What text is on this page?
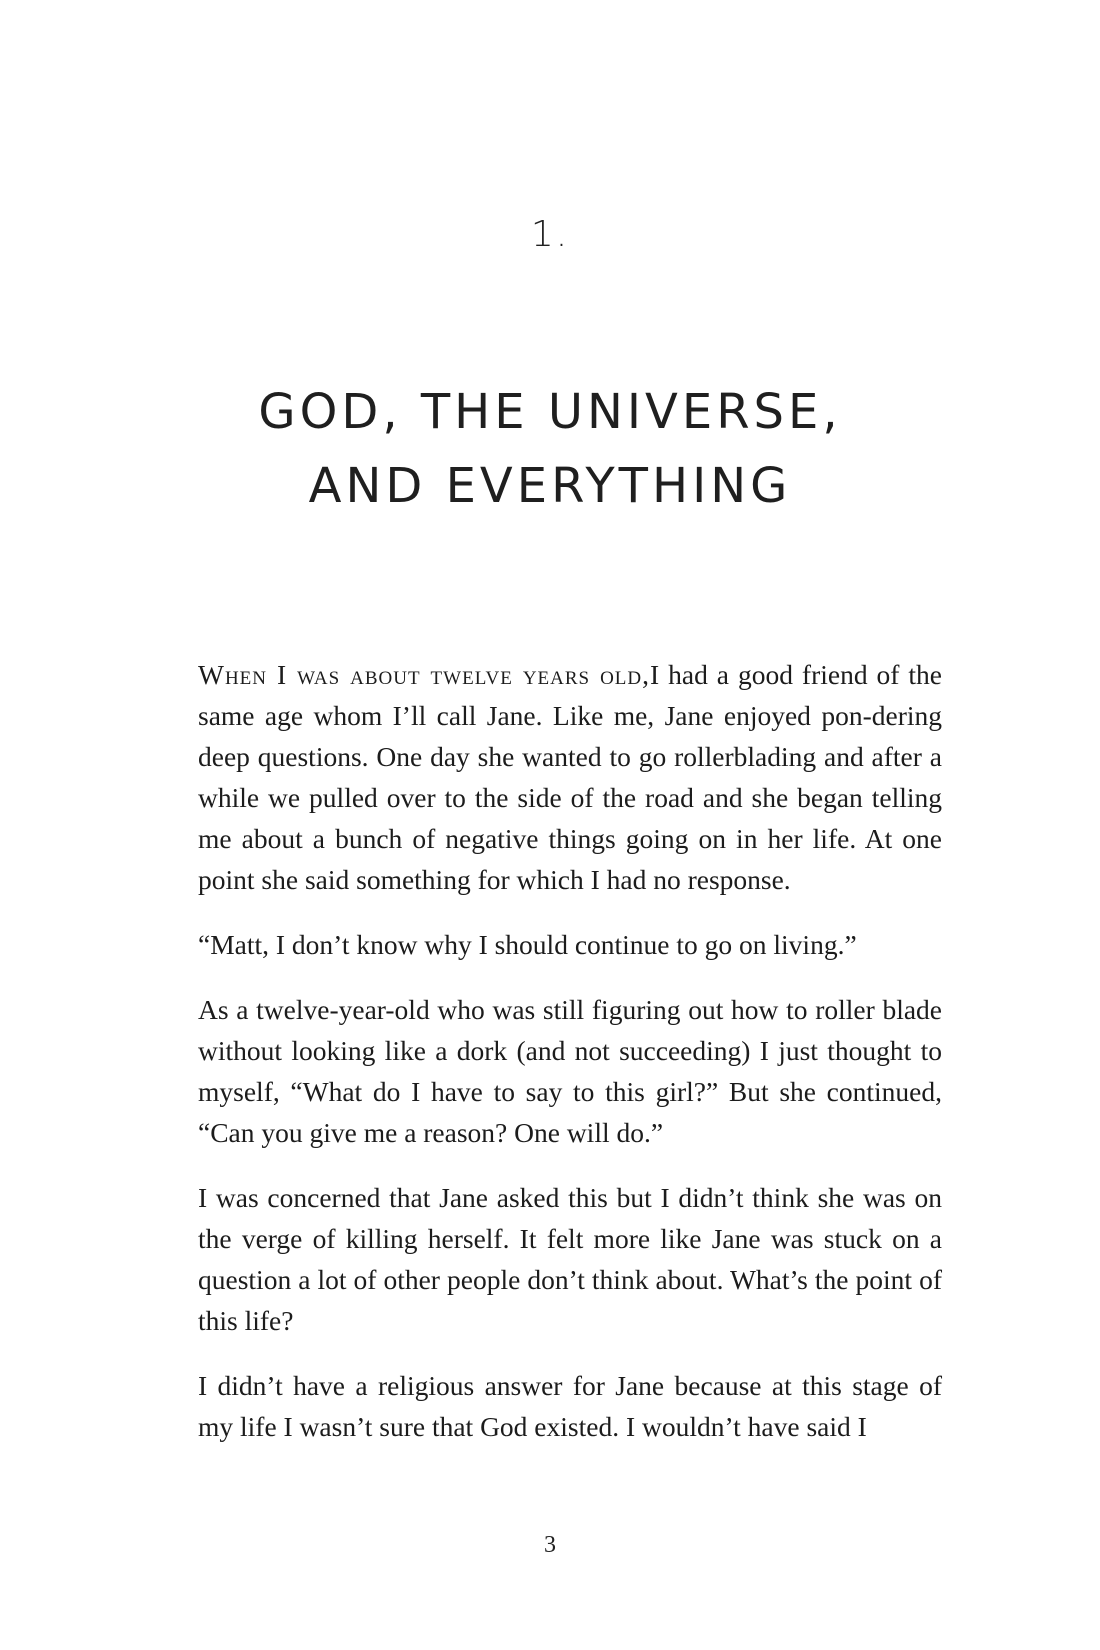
1.
GOD, THE UNIVERSE,
AND EVERYTHING

When I was about twelve years old,I had a good friend of the same age whom I’ll call Jane. Like me, Jane enjoyed pon-dering deep questions. One day she wanted to go rollerblading and after a while we pulled over to the side of the road and she began telling me about a bunch of negative things going on in her life. At one point she said something for which I had no response.

“Matt, I don’t know why I should continue to go on living.”

As a twelve-year-old who was still figuring out how to roller blade without looking like a dork (and not succeeding) I just thought to myself, “What do I have to say to this girl?” But she continued, “Can you give me a reason? One will do.”

I was concerned that Jane asked this but I didn’t think she was on the verge of killing herself. It felt more like Jane was stuck on a question a lot of other people don’t think about. What’s the point of this life?

I didn’t have a religious answer for Jane because at this stage of my life I wasn’t sure that God existed. I wouldn’t have said I

3
